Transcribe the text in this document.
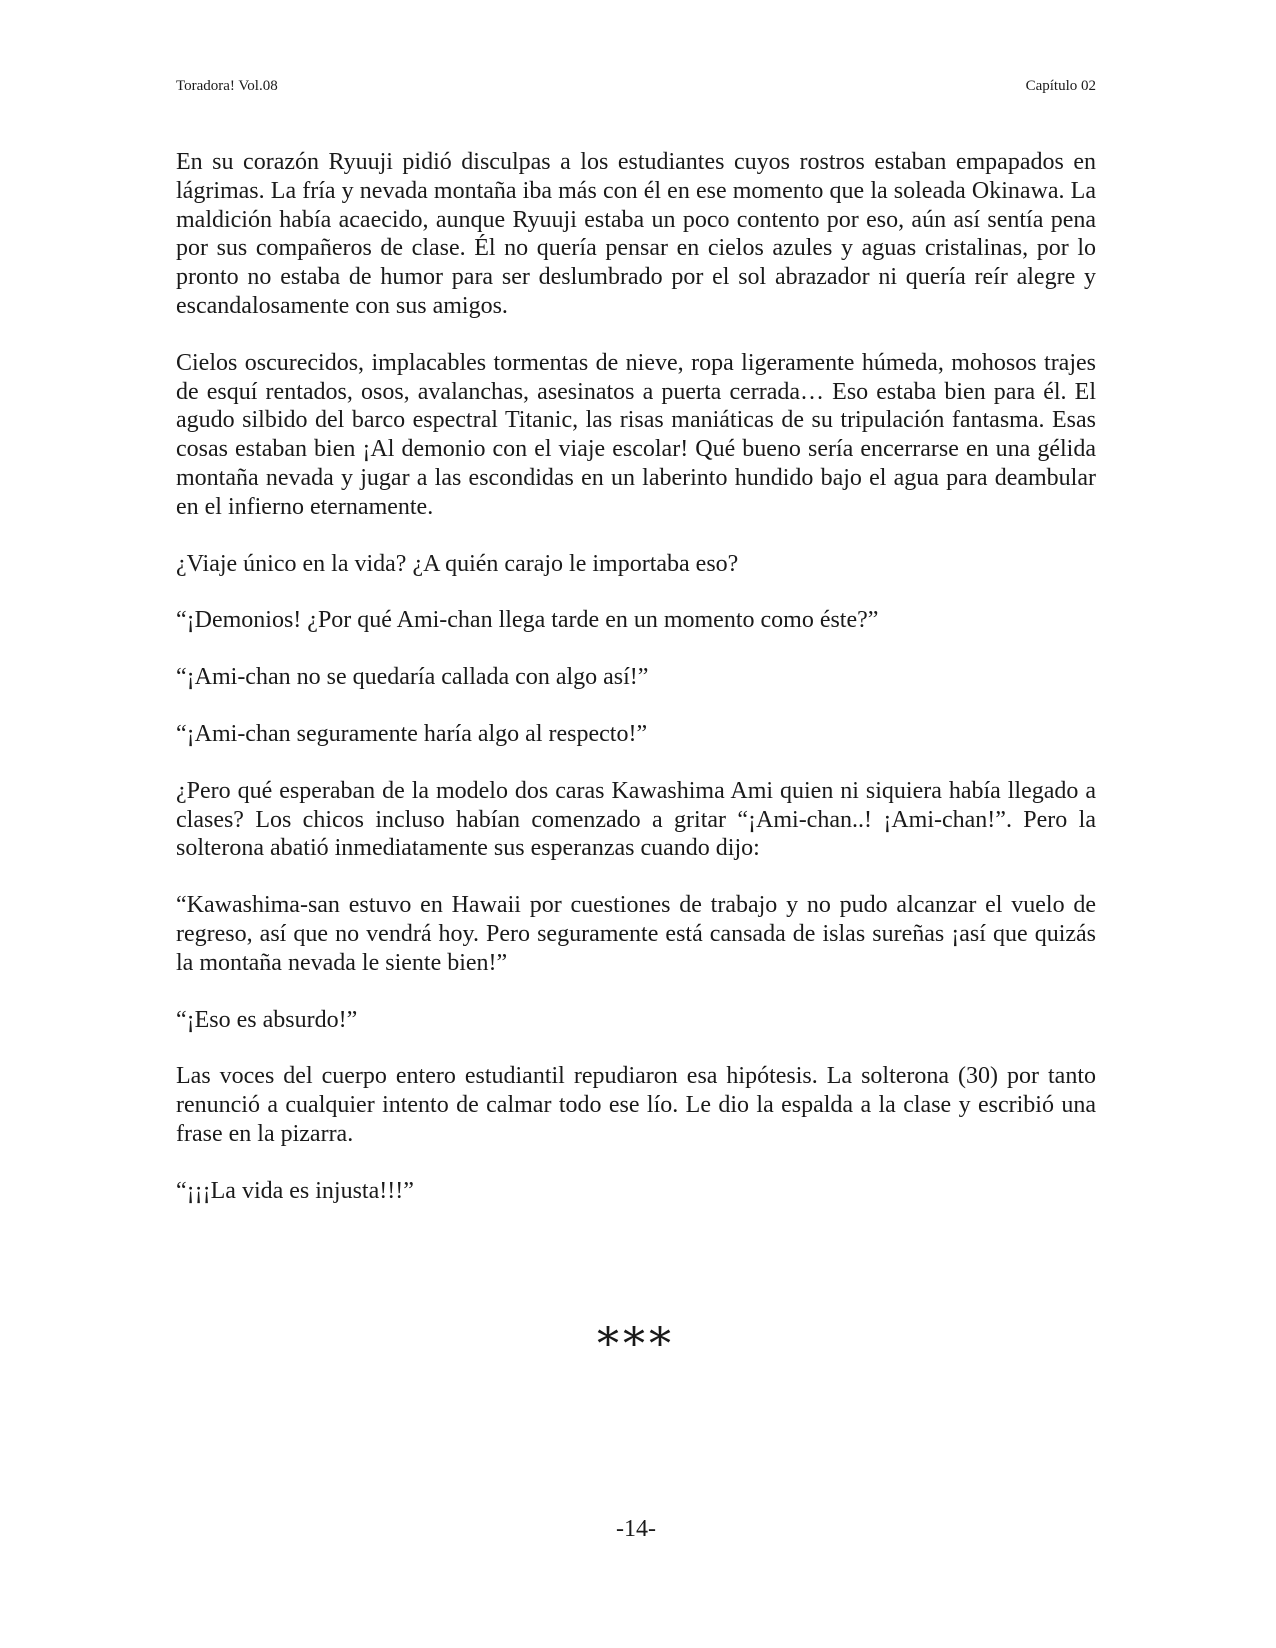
Toradora! Vol.08	Capítulo 02

En su corazón Ryuuji pidió disculpas a los estudiantes cuyos rostros estaban empapados en lágrimas. La fría y nevada montaña iba más con él en ese momento que la soleada Okinawa. La maldición había acaecido, aunque Ryuuji estaba un poco contento por eso, aún así sentía pena por sus compañeros de clase. Él no quería pensar en cielos azules y aguas cristalinas, por lo pronto no estaba de humor para ser deslumbrado por el sol abrazador ni quería reír alegre y escandalosamente con sus amigos.

Cielos oscurecidos, implacables tormentas de nieve, ropa ligeramente húmeda, mohosos trajes de esquí rentados, osos, avalanchas, asesinatos a puerta cerrada… Eso estaba bien para él. El agudo silbido del barco espectral Titanic, las risas maniáticas de su tripulación fantasma. Esas cosas estaban bien ¡Al demonio con el viaje escolar! Qué bueno sería encerrarse en una gélida montaña nevada y jugar a las escondidas en un laberinto hundido bajo el agua para deambular en el infierno eternamente.

¿Viaje único en la vida? ¿A quién carajo le importaba eso?

“¡Demonios! ¿Por qué Ami-chan llega tarde en un momento como éste?”

“¡Ami-chan no se quedaría callada con algo así!”

“¡Ami-chan seguramente haría algo al respecto!”

¿Pero qué esperaban de la modelo dos caras Kawashima Ami quien ni siquiera había llegado a clases? Los chicos incluso habían comenzado a gritar “¡Ami-chan..! ¡Ami-chan!”. Pero la solterona abatió inmediatamente sus esperanzas cuando dijo:

“Kawashima-san estuvo en Hawaii por cuestiones de trabajo y no pudo alcanzar el vuelo de regreso, así que no vendrá hoy. Pero seguramente está cansada de islas sureñas ¡así que quizás la montaña nevada le siente bien!”

“¡Eso es absurdo!”

Las voces del cuerpo entero estudiantil repudiaron esa hipótesis. La solterona (30) por tanto renunció a cualquier intento de calmar todo ese lío. Le dio la espalda a la clase y escribió una frase en la pizarra.

“¡¡¡La vida es injusta!!!”

***
-14-
